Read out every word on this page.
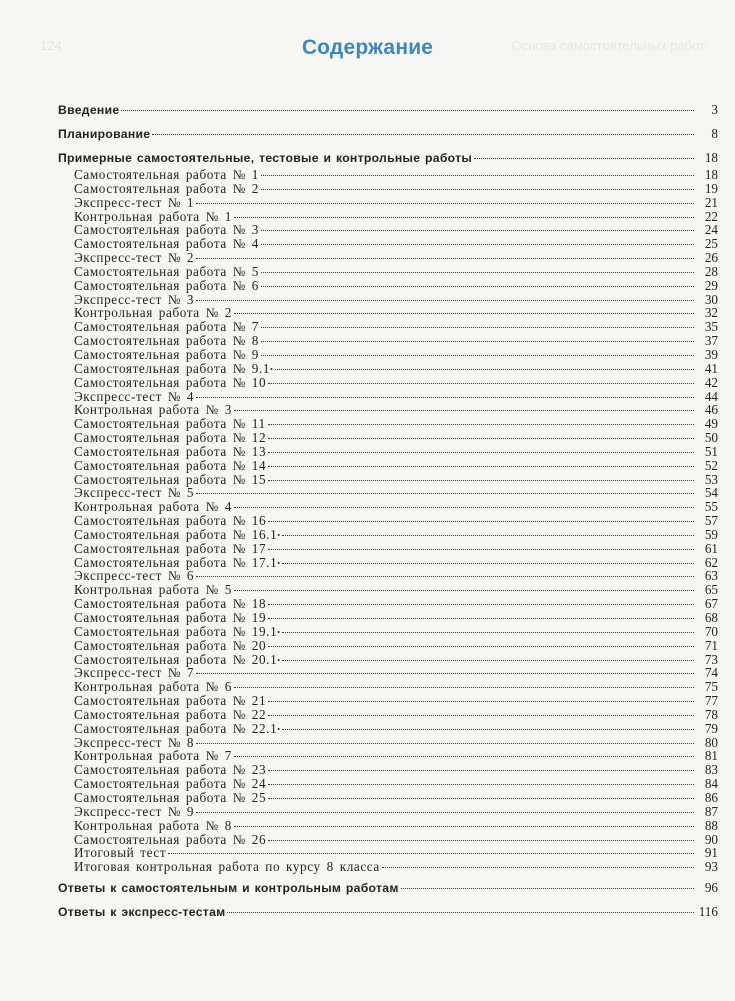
124	Основа самостоятельных работ
Содержание
Введение	3
Планирование	8
Примерные самостоятельные, тестовые и контрольные работы	18
Самостоятельная работа № 1	18
Самостоятельная работа № 2	19
Экспресс-тест № 1	21
Контрольная работа № 1	22
Самостоятельная работа № 3	24
Самостоятельная работа № 4	25
Экспресс-тест № 2	26
Самостоятельная работа № 5	28
Самостоятельная работа № 6	29
Экспресс-тест № 3	30
Контрольная работа № 2	32
Самостоятельная работа № 7	35
Самостоятельная работа № 8	37
Самостоятельная работа № 9	39
Самостоятельная работа № 9.1 •	41
Самостоятельная работа № 10	42
Экспресс-тест № 4	44
Контрольная работа № 3	46
Самостоятельная работа № 11	49
Самостоятельная работа № 12	50
Самостоятельная работа № 13	51
Самостоятельная работа № 14	52
Самостоятельная работа № 15	53
Экспресс-тест № 5	54
Контрольная работа № 4	55
Самостоятельная работа № 16	57
Самостоятельная работа № 16.1 •	59
Самостоятельная работа № 17	61
Самостоятельная работа № 17.1 •	62
Экспресс-тест № 6	63
Контрольная работа № 5	65
Самостоятельная работа № 18	67
Самостоятельная работа № 19	68
Самостоятельная работа № 19.1 •	70
Самостоятельная работа № 20	71
Самостоятельная работа № 20.1 •	73
Экспресс-тест № 7	74
Контрольная работа № 6	75
Самостоятельная работа № 21	77
Самостоятельная работа № 22	78
Самостоятельная работа № 22.1 •	79
Экспресс-тест № 8	80
Контрольная работа № 7	81
Самостоятельная работа № 23	83
Самостоятельная работа № 24	84
Самостоятельная работа № 25	86
Экспресс-тест № 9	87
Контрольная работа № 8	88
Самостоятельная работа № 26	90
Итоговый тест	91
Итоговая контрольная работа по курсу 8 класса	93
Ответы к самостоятельным и контрольным работам	96
Ответы к экспресс-тестам	116
